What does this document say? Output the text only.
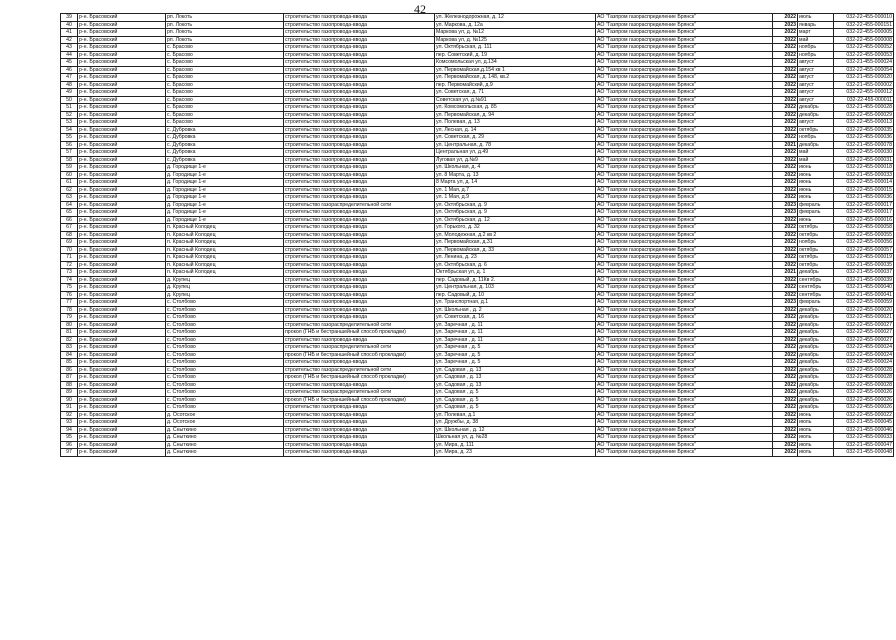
42
39	р-н. Брасовский	рп. Локоть	строительство газопровода-ввода	ул. Железнодорожная, д. 12	АО "Газпром газораспределение Брянск"	2022	июль	032-22-455-000010
40	р-н. Брасовский	рп. Локоть	строительство газопровода-ввода	ул. Маркова, д. 12а	АО "Газпром газораспределение Брянск"	2023	январь	032-22-455-000151
41	р-н. Брасовский	рп. Локоть	строительство газопровода-ввода	Маркова ул, д. №12	АО "Газпром газораспределение Брянск"	2022	март	032-22-455-000005
42	р-н. Брасовский	рп. Локоть	строительство газопровода-ввода	Маркова ул, д. №125	АО "Газпром газораспределение Брянск"	2022	май	032-22-455-000008
43	р-н. Брасовский	с. Брасово	строительство газопровода-ввода	ул. Октябрьская, д. 111	АО "Газпром газораспределение Брянск"	2022	ноябрь	032-22-455-000052
44	р-н. Брасовский	с. Брасово	строительство газопровода-ввода	пер. Советский, д. 19	АО "Газпром газораспределение Брянск"	2022	ноябрь	032-22-455-000053
45	р-н. Брасовский	с. Брасово	строительство газопровода-ввода	Комсомольская ул, д.134	АО "Газпром газораспределение Брянск"	2022	август	032-21-455-000024
46	р-н. Брасовский	с. Брасово	строительство газопровода-ввода	ул. Первомайская,д.154 кв 1	АО "Газпром газораспределение Брянск"	2022	август	032-22-455-000054
47	р-н. Брасовский	с. Брасово	строительство газопровода-ввода	ул. Первомайская, д. 148, кв.2	АО "Газпром газораспределение Брянск"	2022	август	032-21-455-000020
48	р-н. Брасовский	с. Брасово	строительство газопровода-ввода	пер. Первомайский, д.9	АО "Газпром газораспределение Брянск"	2022	август	032-21-455-000002
49	р-н. Брасовский	с. Брасово	строительство газопровода-ввода	ул. Советская, д. 71	АО "Газпром газораспределение Брянск"	2022	август	032-22-455-000012
50	р-н. Брасовский	с. Брасово	строительство газопровода-ввода	Советская ул, д.№91	АО "Газпром газораспределение Брянск"	2022	август	032-22-455-000011
51	р-н. Брасовский	с. Брасово	строительство газопровода-ввода	ул. Комсомольская, д. 85	АО "Газпром газораспределение Брянск"	2022	декабрь	032-21-455-000028
52	р-н. Брасовский	с. Брасово	строительство газопровода-ввода	ул. Первомайская, д. 94	АО "Газпром газораспределение Брянск"	2022	декабрь	032-22-455-000029
53	р-н. Брасовский	с. Брасово	строительство газопровода-ввода	ул. Полевая, д. 13	АО "Газпром газораспределение Брянск"	2022	август	032-22-455-000013
54	р-н. Брасовский	с. Дубровка	строительство газопровода-ввода	ул. Лесная, д. 14	АО "Газпром газораспределение Брянск"	2022	октябрь	032-22-455-000035
55	р-н. Брасовский	с. Дубровка	строительство газопровода-ввода	ул. Советская, д. 29	АО "Газпром газораспределение Брянск"	2022	ноябрь	032-22-455-000036
56	р-н. Брасовский	с. Дубровка	строительство газопровода-ввода	ул. Центральная, д. 78	АО "Газпром газораспределение Брянск"	2021	декабрь	032-21-455-000078
57	р-н. Брасовский	с. Дубровка	строительство газопровода-ввода	Центральная ул, д.49	АО "Газпром газораспределение Брянск"	2022	май	032-22-455-000030
58	р-н. Брасовский	с. Дубровка	строительство газопровода-ввода	Луговая ул, д.№9	АО "Газпром газораспределение Брянск"	2022	май	032-22-455-000031
59	р-н. Брасовский	д. Городище 1-е	строительство газопровода-ввода	ул. Школьная, д. 4	АО "Газпром газораспределение Брянск"	2022	июнь	032-22-455-000018
60	р-н. Брасовский	д. Городище 1-е	строительство газопровода-ввода	ул. 8 Марта, д. 13	АО "Газпром газораспределение Брянск"	2022	июнь	032-21-455-000033
61	р-н. Брасовский	д. Городище 1-е	строительство газопровода-ввода	8 Марта ул, д. 14	АО "Газпром газораспределение Брянск"	2022	июнь	032-22-455-000014
62	р-н. Брасовский	д. Городище 1-е	строительство газопровода-ввода	ул. 1 Мая, д.7	АО "Газпром газораспределение Брянск"	2022	июнь	032-22-455-000015
63	р-н. Брасовский	д. Городище 1-е	строительство газопровода-ввода	ул. 1 Мая, д.9	АО "Газпром газораспределение Брянск"	2022	июнь	032-21-455-000036
64	р-н. Брасовский	д. Городище 1-е	строительство газораспределительной сети	ул. Октябрьская, д. 9	АО "Газпром газораспределение Брянск"	2023	февраль	032-22-455-000017
65	р-н. Брасовский	д. Городище 1-е	строительство газопровода-ввода	ул. Октябрьская, д. 9	АО "Газпром газораспределение Брянск"	2023	февраль	032-22-455-000017
66	р-н. Брасовский	д. Городище 1-е	строительство газопровода-ввода	ул. Октябрьская, д. 12	АО "Газпром газораспределение Брянск"	2022	июнь	032-22-455-000016
67	р-н. Брасовский	п. Красный Колодец	строительство газопровода-ввода	ул. Горького, д. 32	АО "Газпром газораспределение Брянск"	2022	октябрь	032-22-455-000058
68	р-н. Брасовский	п. Красный Колодец	строительство газопровода-ввода	ул. Молодежная, д.2 кв 2	АО "Газпром газораспределение Брянск"	2022	октябрь	032-22-455-000055
69	р-н. Брасовский	п. Красный Колодец	строительство газопровода-ввода	ул. Первомайская, д.31	АО "Газпром газораспределение Брянск"	2022	ноябрь	032-22-455-000056
70	р-н. Брасовский	п. Красный Колодец	строительство газопровода-ввода	ул. Первомайская, д. 33	АО "Газпром газораспределение Брянск"	2022	октябрь	032-22-455-000057
71	р-н. Брасовский	п. Красный Колодец	строительство газопровода-ввода	ул. Ленина, д. 23	АО "Газпром газораспределение Брянск"	2022	октябрь	032-22-455-000019
72	р-н. Брасовский	п. Красный Колодец	строительство газопровода-ввода	ул. Октябрьская, д. 6	АО "Газпром газораспределение Брянск"	2022	октябрь	032-21-455-000035
73	р-н. Брасовский	п. Красный Колодец	строительство газопровода-ввода	Октябрьская ул, д. 1	АО "Газпром газораспределение Брянск"	2021	декабрь	032-21-455-000037
74	р-н. Брасовский	д. Крупец	строительство газопровода-ввода	пер. Садовый, д. 11Кв 2.	АО "Газпром газораспределение Брянск"	2022	сентябрь	032-21-455-000039
75	р-н. Брасовский	д. Крупец	строительство газопровода-ввода	ул. Центральная, д. 103	АО "Газпром газораспределение Брянск"	2022	сентябрь	032-21-455-000040
76	р-н. Брасовский	д. Крупец	строительство газопровода-ввода	пер. Садовый, д. 10	АО "Газпром газораспределение Брянск"	2022	сентябрь	032-21-455-000041
77	р-н. Брасовский	с. Столбово	строительство газопровода-ввода	ул. Транспортная, д.1	АО "Газпром газораспределение Брянск"	2023	февраль	032-22-455-000059
78	р-н. Брасовский	с. Столбово	строительство газопровода-ввода	ул. Школьная , д. 2	АО "Газпром газораспределение Брянск"	2022	декабрь	032-22-455-000020
79	р-н. Брасовский	с. Столбово	строительство газопровода-ввода	ул. Советская, д. 16	АО "Газпром газораспределение Брянск"	2022	декабрь	032-22-455-000021
80	р-н. Брасовский	с. Столбово	строительство газораспределительной сети	ул. Заречная , д. 11	АО "Газпром газораспределение Брянск"	2022	декабрь	032-22-455-000027
81	р-н. Брасовский	с. Столбово	прокол (ГНБ и бестраншейный способ прокладки)	ул. Заречная , д. 11	АО "Газпром газораспределение Брянск"	2022	декабрь	032-22-455-000027
82	р-н. Брасовский	с. Столбово	строительство газопровода-ввода	ул. Заречная , д. 11	АО "Газпром газораспределение Брянск"	2022	декабрь	032-22-455-000027
83	р-н. Брасовский	с. Столбово	строительство газораспределительной сети	ул. Заречная , д. 5	АО "Газпром газораспределение Брянск"	2022	декабрь	032-22-455-000024
84	р-н. Брасовский	с. Столбово	прокол (ГНБ и бестраншейный способ прокладки)	ул. Заречная , д. 5	АО "Газпром газораспределение Брянск"	2022	декабрь	032-22-455-000024
85	р-н. Брасовский	с. Столбово	строительство газопровода-ввода	ул. Заречная , д. 5	АО "Газпром газораспределение Брянск"	2022	декабрь	032-22-455-000024
86	р-н. Брасовский	с. Столбово	строительство газораспределительной сети	ул. Садовая , д. 13	АО "Газпром газораспределение Брянск"	2022	декабрь	032-22-455-000028
87	р-н. Брасовский	с. Столбово	прокол (ГНБ и бестраншейный способ прокладки)	ул. Садовая , д. 13	АО "Газпром газораспределение Брянск"	2022	декабрь	032-22-455-000028
88	р-н. Брасовский	с. Столбово	строительство газопровода-ввода	ул. Садовая , д. 13	АО "Газпром газораспределение Брянск"	2022	декабрь	032-22-455-000028
89	р-н. Брасовский	с. Столбово	строительство газораспределительной сети	ул. Садовая , д. 5	АО "Газпром газораспределение Брянск"	2022	декабрь	032-22-455-000026
90	р-н. Брасовский	с. Столбово	прокол (ГНБ и бестраншейный способ прокладки)	ул. Садовая , д. 5	АО "Газпром газораспределение Брянск"	2022	декабрь	032-22-455-000026
91	р-н. Брасовский	с. Столбово	строительство газопровода-ввода	ул. Садовая , д. 5	АО "Газпром газораспределение Брянск"	2022	декабрь	032-22-455-000026
92	р-н. Брасовский	д. Осотское	строительство газопровода-ввода	ул. Полевая, д.1	АО "Газпром газораспределение Брянск"	2022	июнь	032-22-455-000022
93	р-н. Брасовский	д. Осотское	строительство газопровода-ввода	ул. Дружбы, д. 38	АО "Газпром газораспределение Брянск"	2022	июль	032-21-455-000045
94	р-н. Брасовский	д. Сныткино	строительство газопровода-ввода	ул. Школьная , д. 12	АО "Газпром газораспределение Брянск"	2022	июль	032-21-455-000046
95	р-н. Брасовский	д. Сныткино	строительство газопровода-ввода	Школьная ул, д. №28	АО "Газпром газораспределение Брянск"	2022	июль	032-22-455-000033
96	р-н. Брасовский	д. Сныткино	строительство газопровода-ввода	ул. Мира, д. 111	АО "Газпром газораспределение Брянск"	2022	июль	032-21-455-000047
97	р-н. Брасовский	д. Сныткино	строительство газопровода-ввода	ул. Мира, д. 23	АО "Газпром газораспределение Брянск"	2022	июль	032-21-455-000048
